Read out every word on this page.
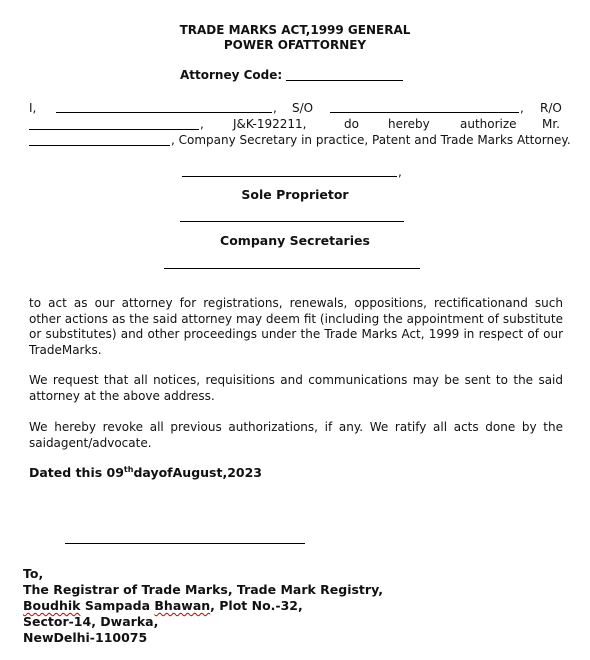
TRADE MARKS ACT,1999 GENERAL
POWER OFATTORNEY
Attorney Code:
I,	, S/O	, R/O
, J&K-192211,	do hereby	authorize Mr.
, Company Secretary in practice, Patent and Trade Marks Attorney.
,
Sole Proprietor
Company Secretaries
to act as our attorney for registrations, renewals, oppositions, rectificationand such other actions as the said attorney may deem fit (including the appointment of substitute or substitutes) and other proceedings under the Trade Marks Act, 1999 in respect of our TradeMarks.
We request that all notices, requisitions and communications may be sent to the said attorney at the above address.
We hereby revoke all previous authorizations, if any. We ratify all acts done by the saidagent/advocate.
Dated this 09thdayofAugust,2023
To,
The Registrar of Trade Marks, Trade Mark Registry,
Boudhik Sampada Bhawan, Plot No.-32,
Sector-14, Dwarka,
NewDelhi-110075
